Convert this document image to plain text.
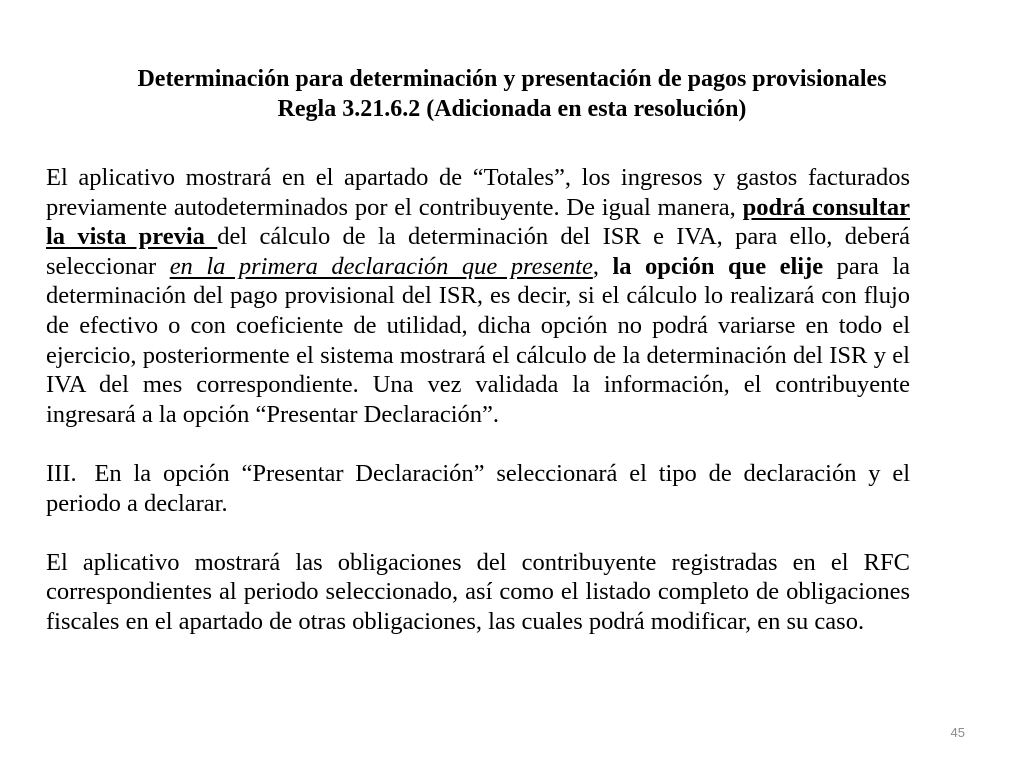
Determinación para determinación y presentación de pagos provisionales
Regla 3.21.6.2 (Adicionada en esta resolución)

El aplicativo mostrará en el apartado de “Totales”, los ingresos y gastos facturados previamente autodeterminados por el contribuyente. De igual manera, podrá consultar la vista previa del cálculo de la determinación del ISR e IVA, para ello, deberá seleccionar en la primera declaración que presente, la opción que elije para la determinación del pago provisional del ISR, es decir, si el cálculo lo realizará con flujo de efectivo o con coeficiente de utilidad, dicha opción no podrá variarse en todo el ejercicio, posteriormente el sistema mostrará el cálculo de la determinación del ISR y el IVA del mes correspondiente. Una vez validada la información, el contribuyente ingresará a la opción “Presentar Declaración”.

III. En la opción “Presentar Declaración” seleccionará el tipo de declaración y el periodo a declarar.

El aplicativo mostrará las obligaciones del contribuyente registradas en el RFC correspondientes al periodo seleccionado, así como el listado completo de obligaciones fiscales en el apartado de otras obligaciones, las cuales podrá modificar, en su caso.

45
